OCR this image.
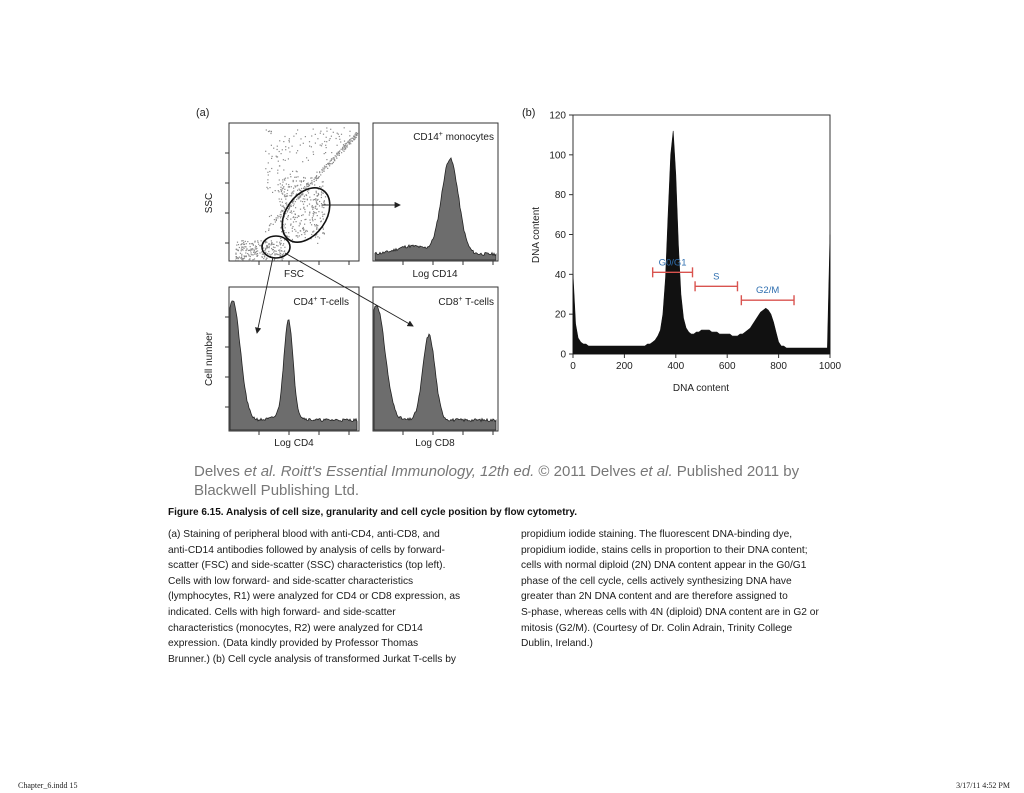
(a)	(b)
SSC
FSC	Log CD14
Log CD4	Log CD8
Cell number
CD14+ monocytes
CD4+ T-cells	CD8+ T-cells
0
20
40
60
80
100
120
0	200	400	600	800	1000
G0/G1
S
G2/M
DNA content
DNA content
Delves et al. Roitt's Essential Immunology, 12th ed. © 2011 Delves et al. Published 2011 by
Blackwell Publishing Ltd.
Figure 6.15. Analysis of cell size, granularity and cell cycle position by flow cytometry.
(a) Staining of peripheral blood with anti-CD4, anti-CD8, and
anti-CD14 antibodies followed by analysis of cells by forward-
scatter (FSC) and side-scatter (SSC) characteristics (top left).
Cells with low forward- and side-scatter characteristics
(lymphocytes, R1) were analyzed for CD4 or CD8 expression, as
indicated. Cells with high forward- and side-scatter
characteristics (monocytes, R2) were analyzed for CD14
expression. (Data kindly provided by Professor Thomas
Brunner.) (b) Cell cycle analysis of transformed Jurkat T-cells by
propidium iodide staining. The fluorescent DNA-binding dye,
propidium iodide, stains cells in proportion to their DNA content;
cells with normal diploid (2N) DNA content appear in the G0/G1
phase of the cell cycle, cells actively synthesizing DNA have
greater than 2N DNA content and are therefore assigned to
S-phase, whereas cells with 4N (diploid) DNA content are in G2 or
mitosis (G2/M). (Courtesy of Dr. Colin Adrain, Trinity College
Dublin, Ireland.)
Chapter_6.indd 15	3/17/11 4:52 PM
